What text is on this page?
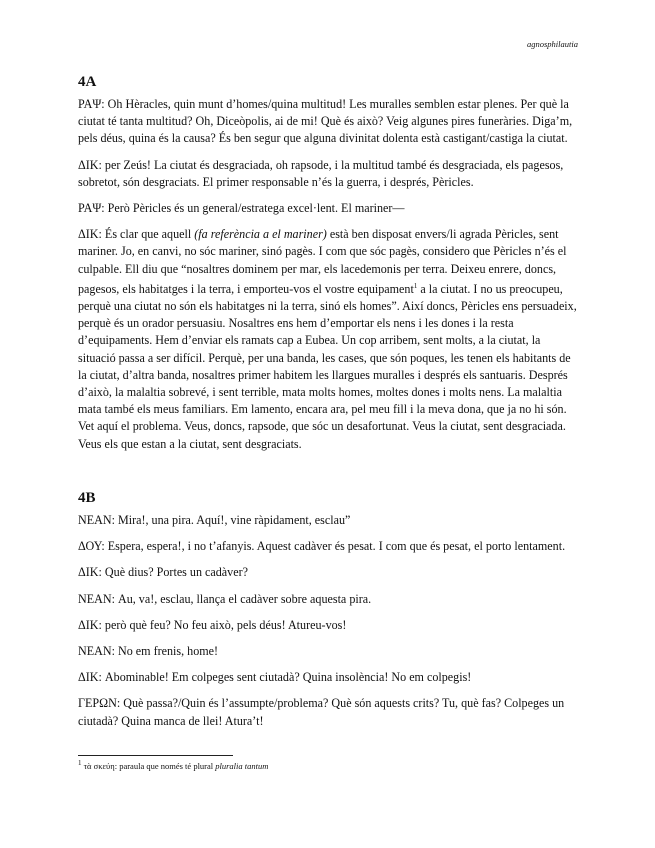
agnosphilautia
4A

ΡΑΨ: Oh Hèracles, quin munt d’homes/quina multitud! Les muralles semblen estar plenes. Per què la ciutat té tanta multitud? Oh, Diceòpolis, ai de mi! Què és això? Veig algunes pires funeràries. Diga’m, pels déus, quina és la causa? És ben segur que alguna divinitat dolenta està castigant/castiga la ciutat.

ΔΙΚ: per Zeús! La ciutat és desgraciada, oh rapsode, i la multitud també és desgraciada, els pagesos, sobretot, són desgraciats. El primer responsable n’és la guerra, i després, Pèricles.

ΡΑΨ: Però Pèricles és un general/estratega excel·lent. El mariner—

ΔΙΚ: És clar que aquell (fa referència a el mariner) està ben disposat envers/li agrada Pèricles, sent mariner. Jo, en canvi, no sóc mariner, sinó pagès. I com que sóc pagès, considero que Pèricles n’és el culpable. Ell diu que “nosaltres dominem per mar, els lacedemonis per terra. Deixeu enrere, doncs, pagesos, els habitatges i la terra, i emporteu-vos el vostre equipament$^1$ a la ciutat. I no us preocupeu, perquè una ciutat no són els habitatges ni la terra, sinó els homes”. Així doncs, Pèricles ens persuadeix, perquè és un orador persuasiu. Nosaltres ens hem d’emportar els nens i les dones i la resta d’equipaments. Hem d’enviar els ramats cap a Eubea. Un cop arribem, sent molts, a la ciutat, la situació passa a ser difícil. Perquè, per una banda, les cases, que són poques, les tenen els habitants de la ciutat, d’altra banda, nosaltres primer habitem les llargues muralles i després els santuaris. Després d’això, la malaltia sobrevé, i sent terrible, mata molts homes, moltes dones i molts nens. La malaltia mata també els meus familiars. Em lamento, encara ara, pel meu fill i la meva dona, que ja no hi són. Vet aquí el problema. Veus, doncs, rapsode, que sóc un desafortunat. Veus la ciutat, sent desgraciada. Veus els que estan a la ciutat, sent desgraciats.

4B

ΝΕΑΝ: Mira!, una pira. Aquí!, vine ràpidament, esclau”

ΔΟΥ: Espera, espera!, i no t’afanyis. Aquest cadàver és pesat. I com que és pesat, el porto lentament.

ΔΙΚ: Què dius? Portes un cadàver?

ΝΕΑΝ: Au, va!, esclau, llança el cadàver sobre aquesta pira.

ΔΙΚ: però què feu? No feu això, pels déus! Atureu-vos!

ΝΕΑΝ: No em frenis, home!

ΔΙΚ: Abominable! Em colpeges sent ciutadà? Quina insolència! No em colpegis!

ΓΕΡΩΝ: Què passa?/Quin és l’assumpte/problema? Què són aquests crits? Tu, què fas? Colpeges un ciutadà? Quina manca de llei! Atura’t!

$^1$ τὰ σκεύη: paraula que només té plural pluralia tantum
